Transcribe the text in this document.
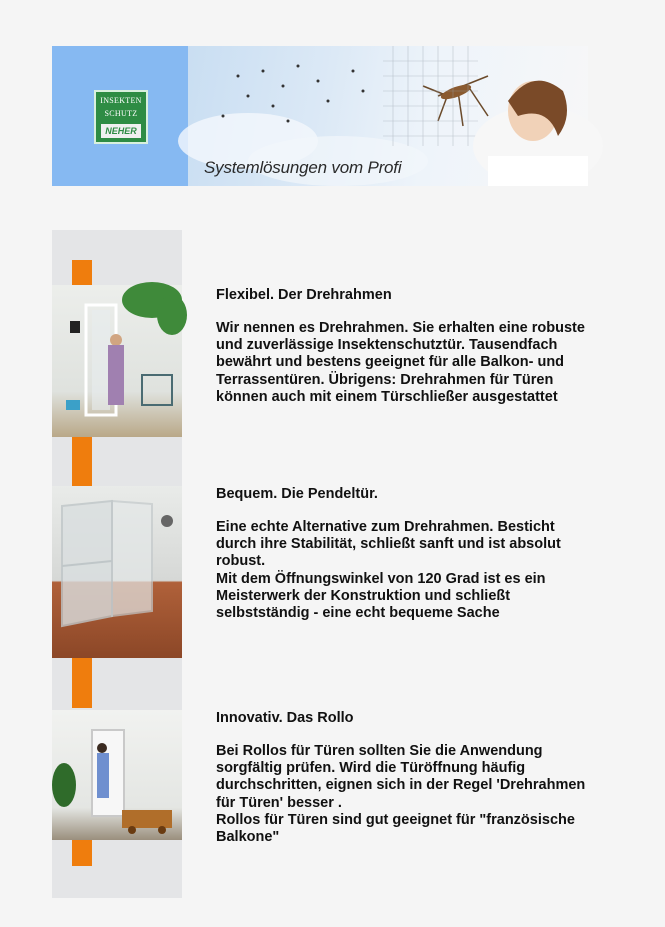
INSEKTEN
SCHUTZ
NEHER
Systemlösungen vom Profi
Flexibel. Der Drehrahmen
Wir nennen es Drehrahmen. Sie erhalten eine robuste und zuverlässige Insektenschutztür. Tausendfach bewährt und bestens geeignet für alle Balkon- und Terrassentüren. Übrigens: Drehrahmen für Türen können auch mit einem Türschließer ausgestattet
Bequem. Die Pendeltür.
Eine echte Alternative zum Drehrahmen. Besticht durch ihre Stabilität, schließt sanft und ist absolut robust.
Mit dem Öffnungswinkel von 120 Grad ist es ein Meisterwerk der Konstruktion und schließt selbstständig - eine echt bequeme Sache
Innovativ. Das Rollo
Bei Rollos für Türen sollten Sie die Anwendung sorgfältig prüfen. Wird die Türöffnung häufig durchschritten, eignen sich in der Regel 'Drehrahmen für Türen' besser .
Rollos für Türen sind gut geeignet für "französische Balkone"
